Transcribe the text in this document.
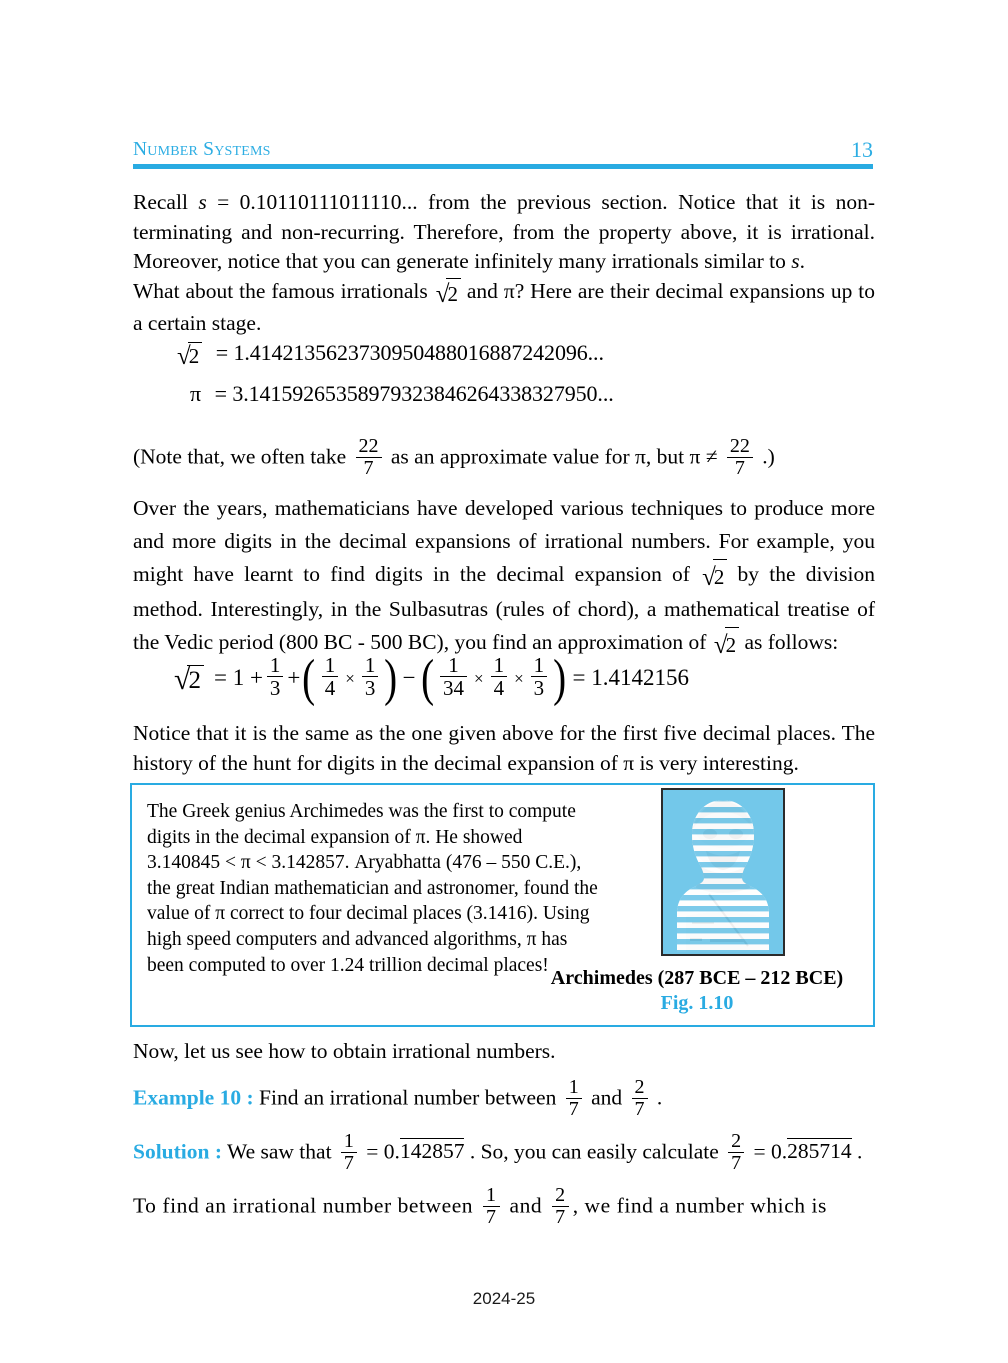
Number Systems	13

Recall s = 0.10110111011110... from the previous section. Notice that it is non-terminating and non-recurring. Therefore, from the property above, it is irrational. Moreover, notice that you can generate infinitely many irrationals similar to s.

What about the famous irrationals √2 and π? Here are their decimal expansions up to a certain stage.

√2 = 1.4142135623730950488016887242096...
π = 3.14159265358979323846264338327950...
(Note that, we often take $\frac{22}{7}$ as an approximate value for π, but $\pi \ne \frac{22}{7}$ .)

Over the years, mathematicians have developed various techniques to produce more and more digits in the decimal expansions of irrational numbers. For example, you might have learnt to find digits in the decimal expansion of √2 by the division method. Interestingly, in the Sulbasutras (rules of chord), a mathematical treatise of the Vedic period (800 BC - 500 BC), you find an approximation of √2 as follows:

$√2 = 1 + \frac{1}{3}$ + ( $\frac{1}{4} \times \frac{1}{3}$ ) − ( $\frac{1}{34} \times \frac{1}{4} \times \frac{1}{3}$ ) = 1.4142156

Notice that it is the same as the one given above for the first five decimal places. The history of the hunt for digits in the decimal expansion of π is very interesting.

The Greek genius Archimedes was the first to compute digits in the decimal expansion of π. He showed 3.140845 < π < 3.142857. Aryabhatta (476 – 550 C.E.), the great Indian mathematician and astronomer, found the value of π correct to four decimal places (3.1416). Using high speed computers and advanced algorithms, π has been computed to over 1.24 trillion decimal places!
Archimedes (287 BCE – 212 BCE)
Fig. 1.10

Now, let us see how to obtain irrational numbers.

Example 10 : Find an irrational number between $\frac{1}{7}$ and $\frac{2}{7}$ .

Solution : We saw that $\frac{1}{7} = 0.142857$ . So, you can easily calculate $\frac{2}{7} = 0.285714$ .

To find an irrational number between $\frac{1}{7}$ and $\frac{2}{7}$ , we find a number which is

2024-25
